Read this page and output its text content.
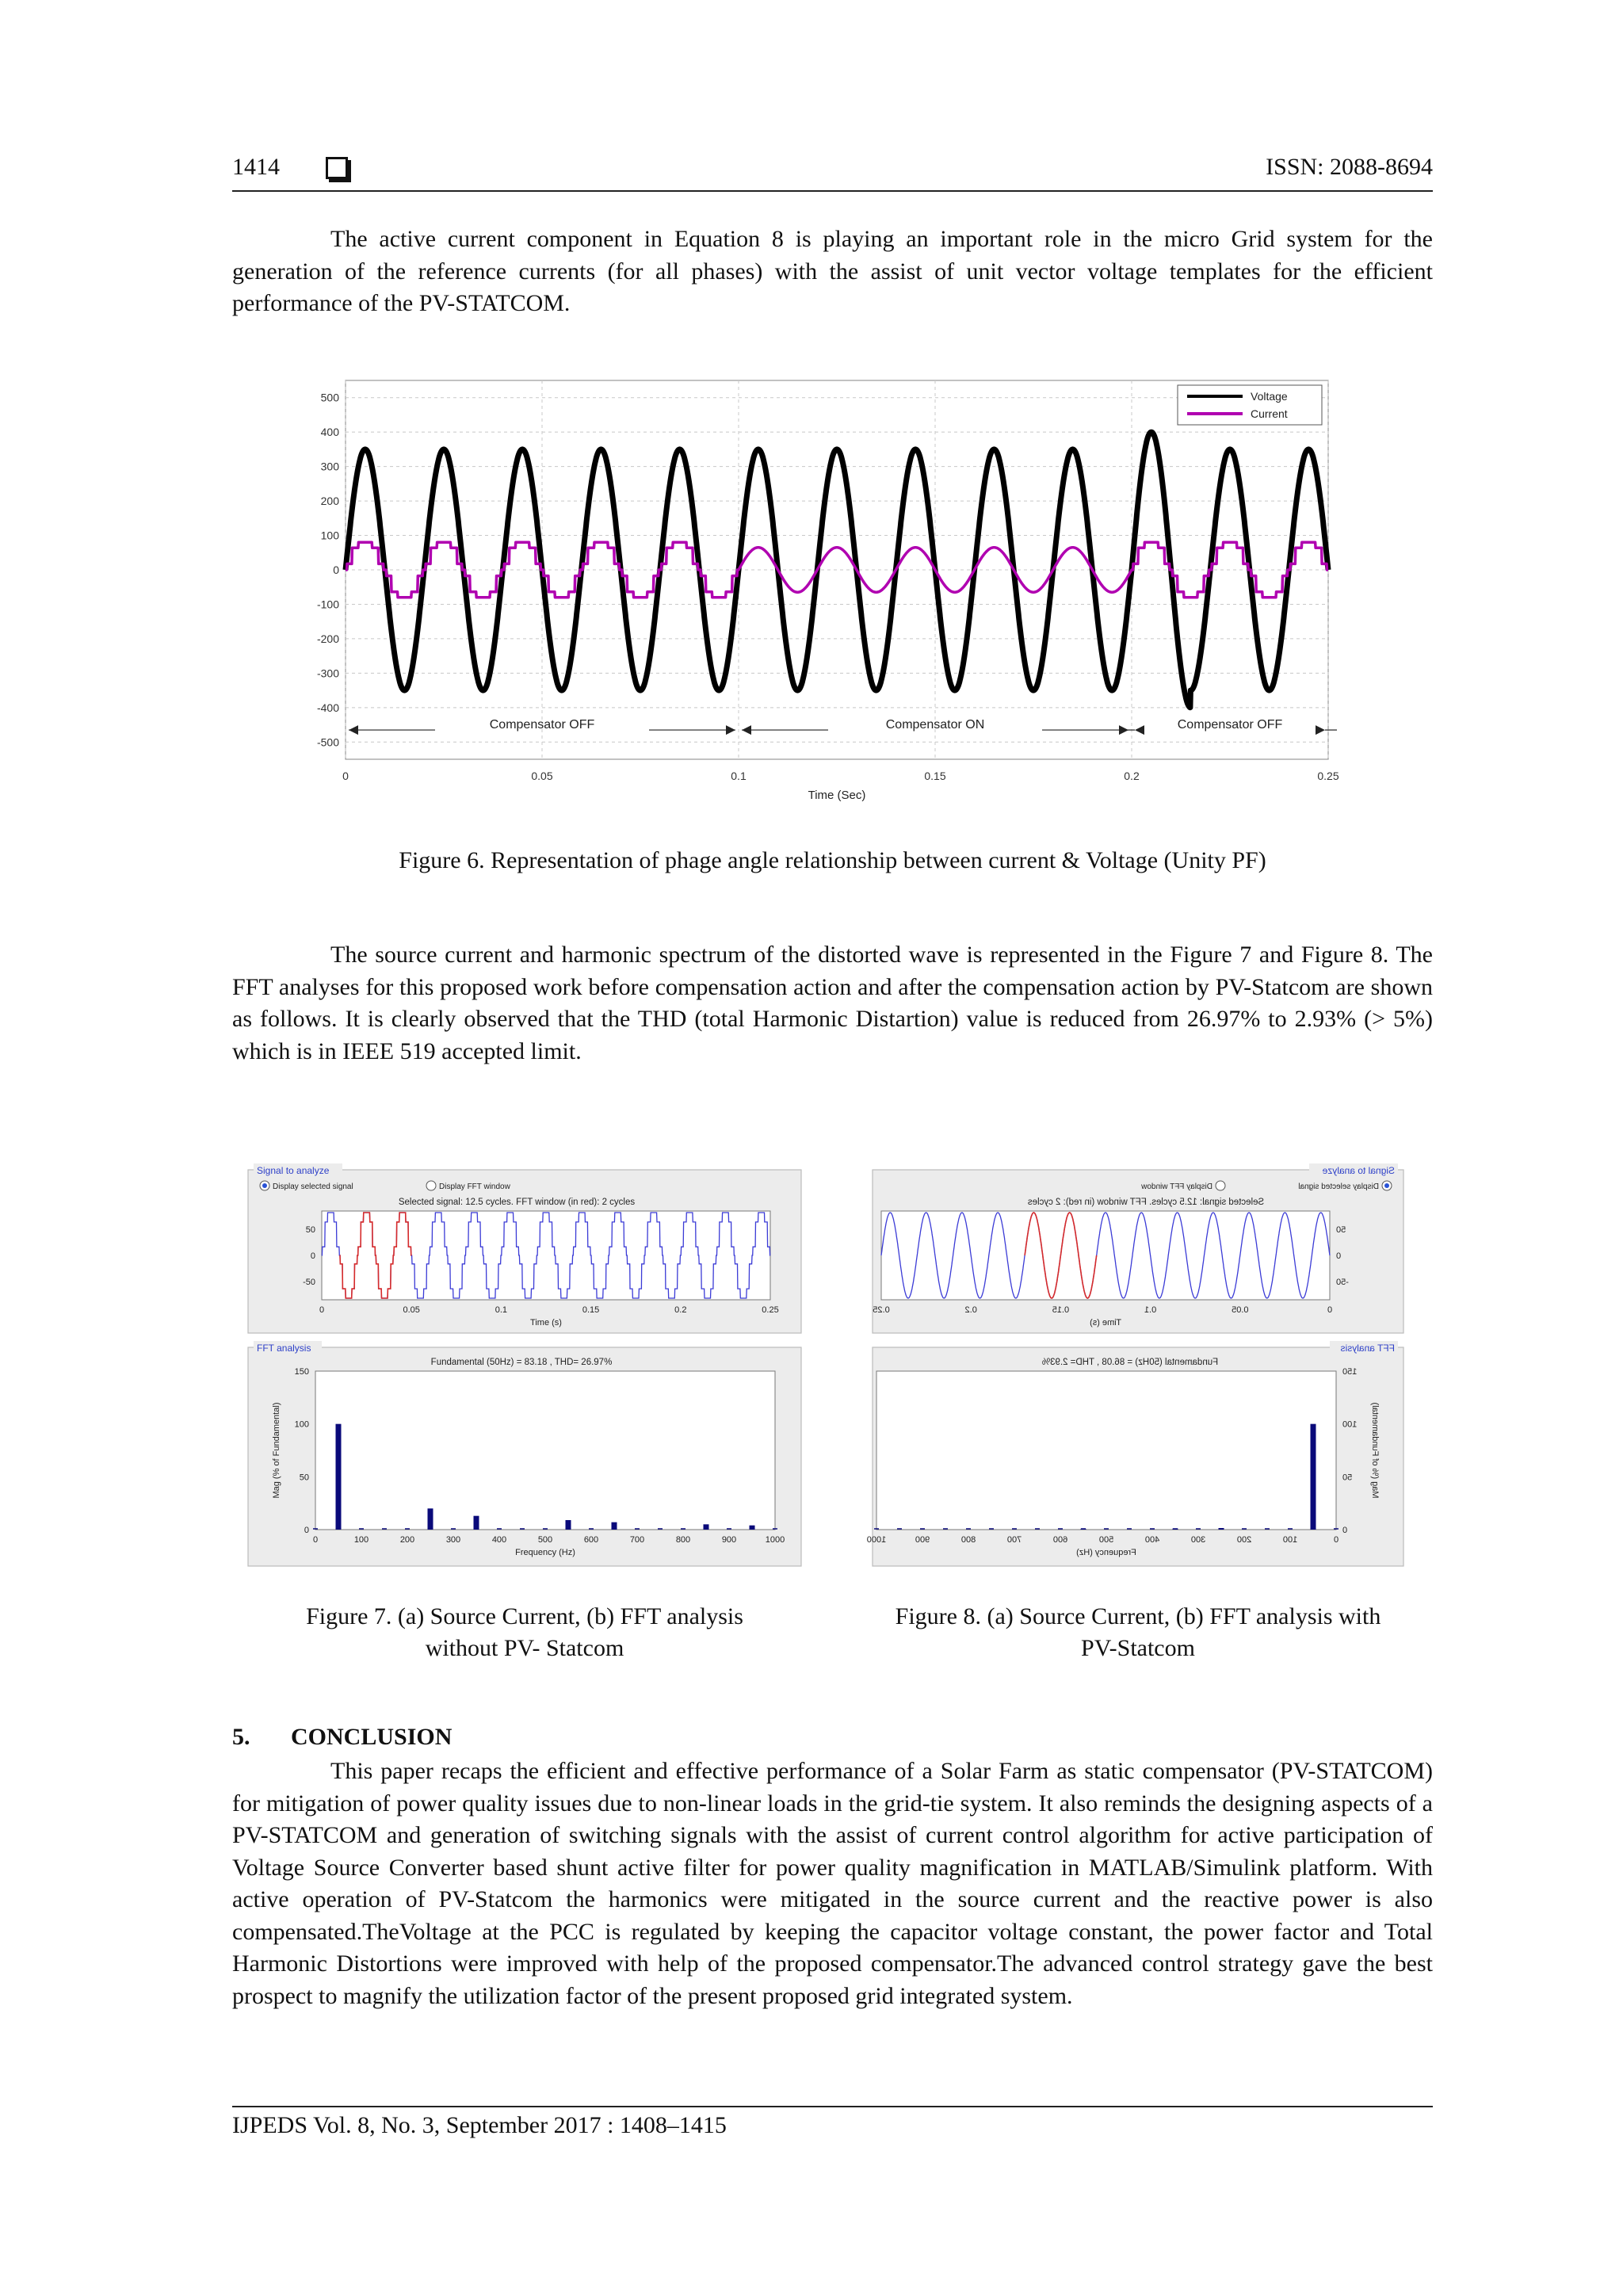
1414	ISSN: 2088-8694

The active current component in Equation 8 is playing an important role in the micro Grid system for the generation of the reference currents (for all phases) with the assist of unit vector voltage templates for the efficient performance of the PV-STATCOM.

500
400
300
200
100
0
-100
-200
-300
-400
-500
0	0.05	0.1	0.15	0.2	0.25
Time (Sec)
Voltage
Current
Compensator OFF	Compensator ON	Compensator OFF
Figure 6. Representation of phage angle relationship between current & Voltage (Unity PF)

The source current and harmonic spectrum of the distorted wave is represented in the Figure 7 and Figure 8. The FFT analyses for this proposed work before compensation action and after the compensation action by PV-Statcom are shown as follows. It is clearly observed that the THD (total Harmonic Distartion) value is reduced from 26.97% to 2.93% (> 5%) which is in IEEE 519 accepted limit.

Signal to analyze
Display selected signal	Display FFT window
Selected signal: 12.5 cycles. FFT window (in red): 2 cycles
50
0
-50
0	0.05	0.1	0.15	0.2	0.25
Time (s)
FFT analysis
Fundamental (50Hz) = 83.18 , THD= 26.97%
150
100
50
0
0	100	200	300	400	500	600	700	800	900	1000
Frequency (Hz)
Mag (% of Fundamental)
Figure 7. (a) Source Current, (b) FFT analysis
without PV- Statcom
Signal to analyze
Display selected signal
Display FFT window
Selected signal: 12.5 cycles. FFT window (in red): 2 cycles
50
0
-50
0
0.05
0.1
0.15
0.2
0.25
Time (s)
FFT analysis
Fundamental (50Hz) = 86.08 , THD= 2.93%
150
100
50
0
0
100
200
300
400
500
600
700
800
900
1000
Frequency (Hz)
Mag (% of Fundamental)
Figure 8. (a) Source Current, (b) FFT analysis with
PV-Statcom
5. CONCLUSION

This paper recaps the efficient and effective performance of a Solar Farm as static compensator (PV-STATCOM) for mitigation of power quality issues due to non-linear loads in the grid-tie system. It also reminds the designing aspects of a PV-STATCOM and generation of switching signals with the assist of current control algorithm for active participation of Voltage Source Converter based shunt active filter for power quality magnification in MATLAB/Simulink platform. With active operation of PV-Statcom the harmonics were mitigated in the source current and the reactive power is also compensated.TheVoltage at the PCC is regulated by keeping the capacitor voltage constant, the power factor and Total Harmonic Distortions were improved with help of the proposed compensator.The advanced control strategy gave the best prospect to magnify the utilization factor of the present proposed grid integrated system.

IJPEDS Vol. 8, No. 3, September 2017 : 1408–1415
